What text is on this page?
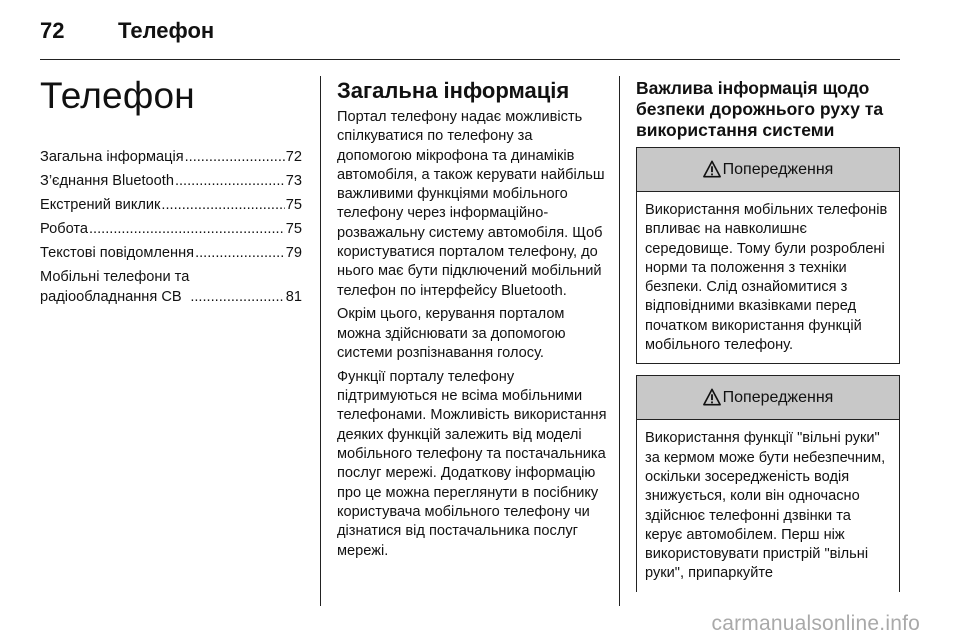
72 Телефон
Телефон
Загальна інформація .....	72
З’єднання Bluetooth .....	73
Екстрений виклик .....	75
Робота .....	75
Текстові повідомлення .....	79
Мобільні телефони та
радіообладнання CB .....	81
Загальна інформація

Портал телефону надає можливість спілкуватися по телефону за допомогою мікрофона та динаміків автомобіля, а також керувати найбільш важливими функціями мобільного телефону через інформаційно-розважальну систему автомобіля. Щоб користуватися порталом телефону, до нього має бути підключений мобільний телефон по інтерфейсу Bluetooth.

Окрім цього, керування порталом можна здійснювати за допомогою системи розпізнавання голосу.

Функції порталу телефону підтримуються не всіма мобільними телефонами. Можливість використання деяких функцій залежить від моделі мобільного телефону та постачальника послуг мережі. Додаткову інформацію про це можна переглянути в посібнику користувача мобільного телефону чи дізнатися від постачальника послуг мережі.

Важлива інформація щодо безпеки дорожнього руху та використання системи
Попередження
Використання мобільних телефонів впливає на навколишнє середовище. Тому були розроблені норми та положення з техніки безпеки. Слід ознайомитися з відповідними вказівками перед початком використання функцій мобільного телефону.
Попередження
Використання функції "вільні руки" за кермом може бути небезпечним, оскільки зосередженість водія знижується, коли він одночасно здійснює телефонні дзвінки та керує автомобілем. Перш ніж використовувати пристрій "вільні руки", припаркуйте
carmanualsonline.info
